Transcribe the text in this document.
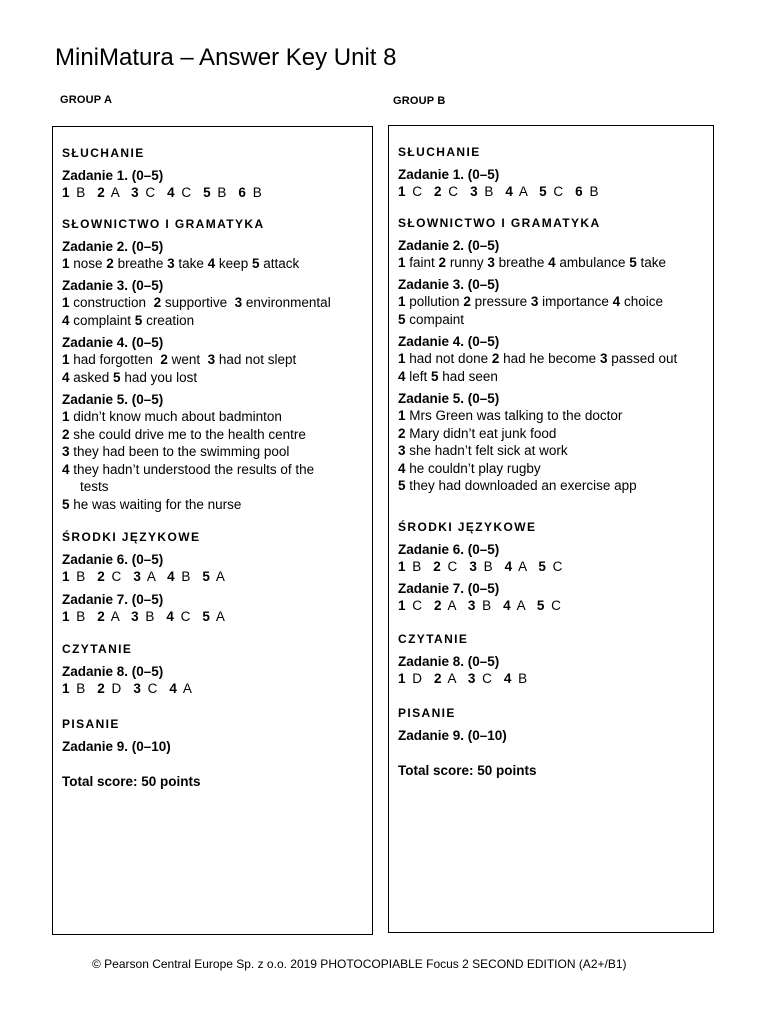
MiniMatura – Answer Key Unit 8
GROUP A	GROUP B
SŁUCHANIE
Zadanie 1. (0–5)
1 B  2 A  3 C  4 C  5 B  6 B
SŁOWNICTWO I GRAMATYKA
Zadanie 2. (0–5)
1 nose 2 breathe 3 take 4 keep 5 attack
Zadanie 3. (0–5)
1 construction  2 supportive  3 environmental
4 complaint 5 creation
Zadanie 4. (0–5)
1 had forgotten  2 went  3 had not slept
4 asked 5 had you lost
Zadanie 5. (0–5)
1 didn’t know much about badminton
2 she could drive me to the health centre
3 they had been to the swimming pool
4 they hadn’t understood the results of the
tests
5 he was waiting for the nurse
ŚRODKI JĘZYKOWE
Zadanie 6. (0–5)
1 B  2 C  3 A  4 B  5 A
Zadanie 7. (0–5)
1 B  2 A  3 B  4 C  5 A
CZYTANIE
Zadanie 8. (0–5)
1 B  2 D  3 C  4 A
PISANIE
Zadanie 9. (0–10)
Total score: 50 points
SŁUCHANIE
Zadanie 1. (0–5)
1 C  2 C  3 B  4 A  5 C  6 B
SŁOWNICTWO I GRAMATYKA
Zadanie 2. (0–5)
1 faint 2 runny 3 breathe 4 ambulance 5 take
Zadanie 3. (0–5)
1 pollution 2 pressure 3 importance 4 choice
5 compaint
Zadanie 4. (0–5)
1 had not done 2 had he become 3 passed out
4 left 5 had seen
Zadanie 5. (0–5)
1 Mrs Green was talking to the doctor
2 Mary didn’t eat junk food
3 she hadn’t felt sick at work
4 he couldn’t play rugby
5 they had downloaded an exercise app
ŚRODKI JĘZYKOWE
Zadanie 6. (0–5)
1 B  2 C  3 B  4 A  5 C
Zadanie 7. (0–5)
1 C  2 A  3 B  4 A  5 C
CZYTANIE
Zadanie 8. (0–5)
1 D  2 A  3 C  4 B
PISANIE
Zadanie 9. (0–10)
Total score: 50 points
© Pearson Central Europe Sp. z o.o. 2019 PHOTOCOPIABLE Focus 2 SECOND EDITION (A2+/B1)
